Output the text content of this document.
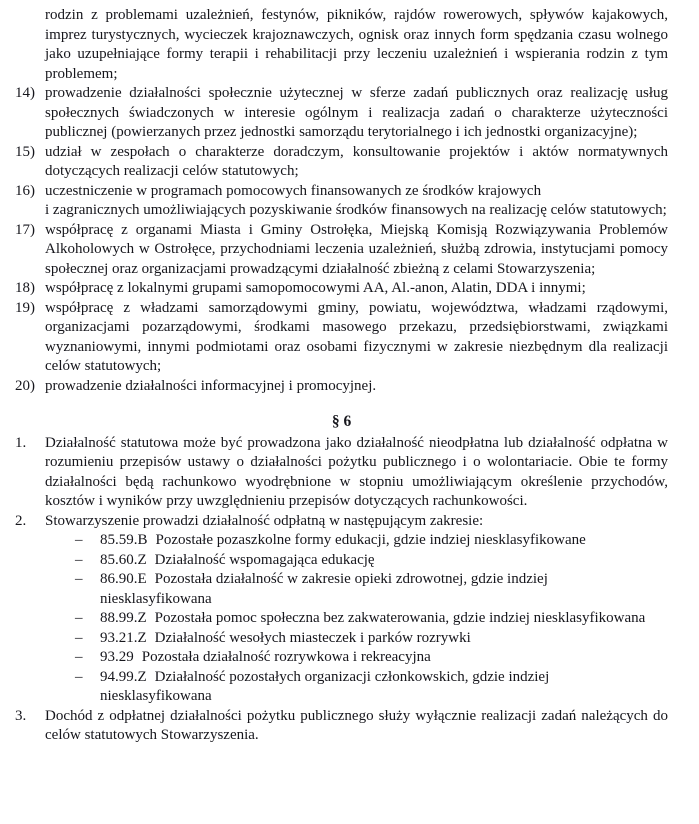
rodzin z problemami uzależnień, festynów, pikników, rajdów rowerowych, spływów kajakowych, imprez turystycznych, wycieczek krajoznawczych, ognisk oraz innych form spędzania czasu wolnego jako uzupełniające formy terapii i rehabilitacji przy leczeniu uzależnień i wspierania rodzin z tym problemem;

14) prowadzenie działalności społecznie użytecznej w sferze zadań publicznych oraz realizację usług społecznych świadczonych w interesie ogólnym i realizacja zadań o charakterze użyteczności publicznej (powierzanych przez jednostki samorządu terytorialnego i ich jednostki organizacyjne);
15) udział w zespołach o charakterze doradczym, konsultowanie projektów i aktów normatywnych dotyczących realizacji celów statutowych;
16) uczestniczenie w programach pomocowych finansowanych ze środków krajowych
i zagranicznych umożliwiających pozyskiwanie środków finansowych na realizację celów statutowych;
17) współpracę z organami Miasta i Gminy Ostrołęka, Miejską Komisją Rozwiązywania Problemów Alkoholowych w Ostrołęce, przychodniami leczenia uzależnień, służbą zdrowia, instytucjami pomocy społecznej oraz organizacjami prowadzącymi działalność zbieżną z celami Stowarzyszenia;
18) współpracę z lokalnymi grupami samopomocowymi AA, Al.-anon, Alatin, DDA i innymi;
19) współpracę z władzami samorządowymi gminy, powiatu, województwa, władzami rządowymi, organizacjami pozarządowymi, środkami masowego przekazu, przedsiębiorstwami, związkami wyznaniowymi, innymi podmiotami oraz osobami fizycznymi w zakresie niezbędnym dla realizacji celów statutowych;
20) prowadzenie działalności informacyjnej i promocyjnej.
§ 6
1.	Działalność statutowa może być prowadzona jako działalność nieodpłatna lub działalność odpłatna w rozumieniu przepisów ustawy o działalności pożytku publicznego i o wolontariacie. Obie te formy działalności będą rachunkowo wyodrębnione w stopniu umożliwiającym określenie przychodów, kosztów i wyników przy uwzględnieniu przepisów dotyczących rachunkowości.
2.	Stowarzyszenie prowadzi działalność odpłatną w następującym zakresie:
– 85.59.B Pozostałe pozaszkolne formy edukacji, gdzie indziej niesklasyfikowane
– 85.60.Z Działalność wspomagająca edukację
– 86.90.E Pozostała działalność w zakresie opieki zdrowotnej, gdzie indziej
niesklasyfikowana
– 88.99.Z Pozostała pomoc społeczna bez zakwaterowania, gdzie indziej niesklasyfikowana
– 93.21.Z Działalność wesołych miasteczek i parków rozrywki
– 93.29 Pozostała działalność rozrywkowa i rekreacyjna
– 94.99.Z Działalność pozostałych organizacji członkowskich, gdzie indziej
niesklasyfikowana
3.	Dochód z odpłatnej działalności pożytku publicznego służy wyłącznie realizacji zadań należących do celów statutowych Stowarzyszenia.
